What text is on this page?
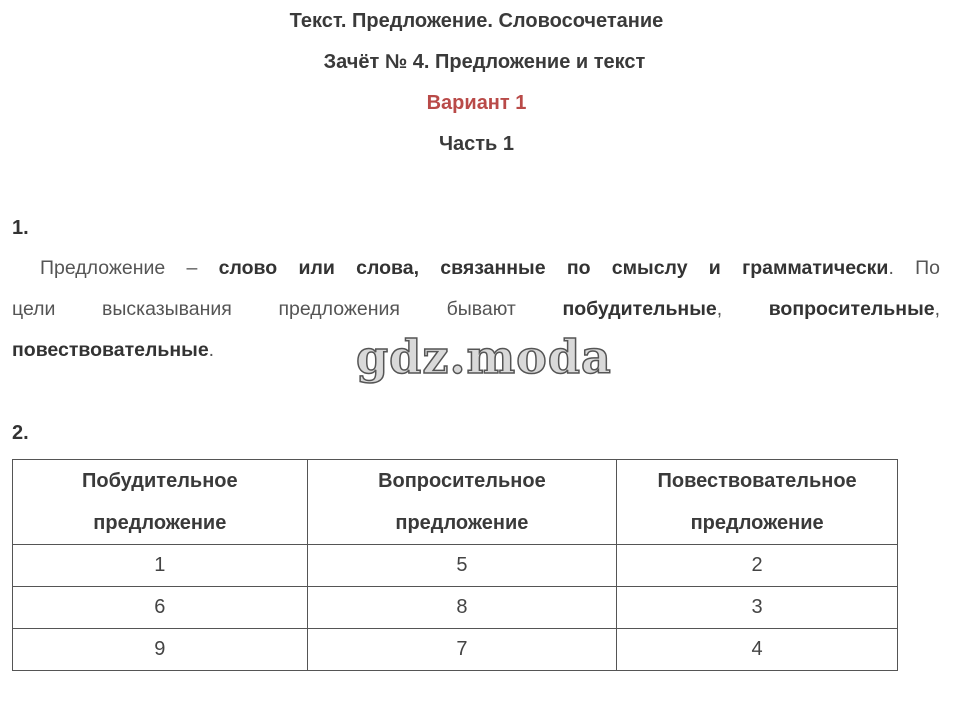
Текст. Предложение. Словосочетание
Зачёт № 4. Предложение и текст
Вариант 1
Часть 1
1.
Предложение – слово или слова, связанные по смыслу и грамматически. По
цели высказывания предложения бывают побудительные, вопросительные,
повествовательные.	gdz.moda
2.
Побудительное
предложение	Вопросительное
предложение	Повествовательное
предложение
1	5	2
6	8	3
9	7	4
